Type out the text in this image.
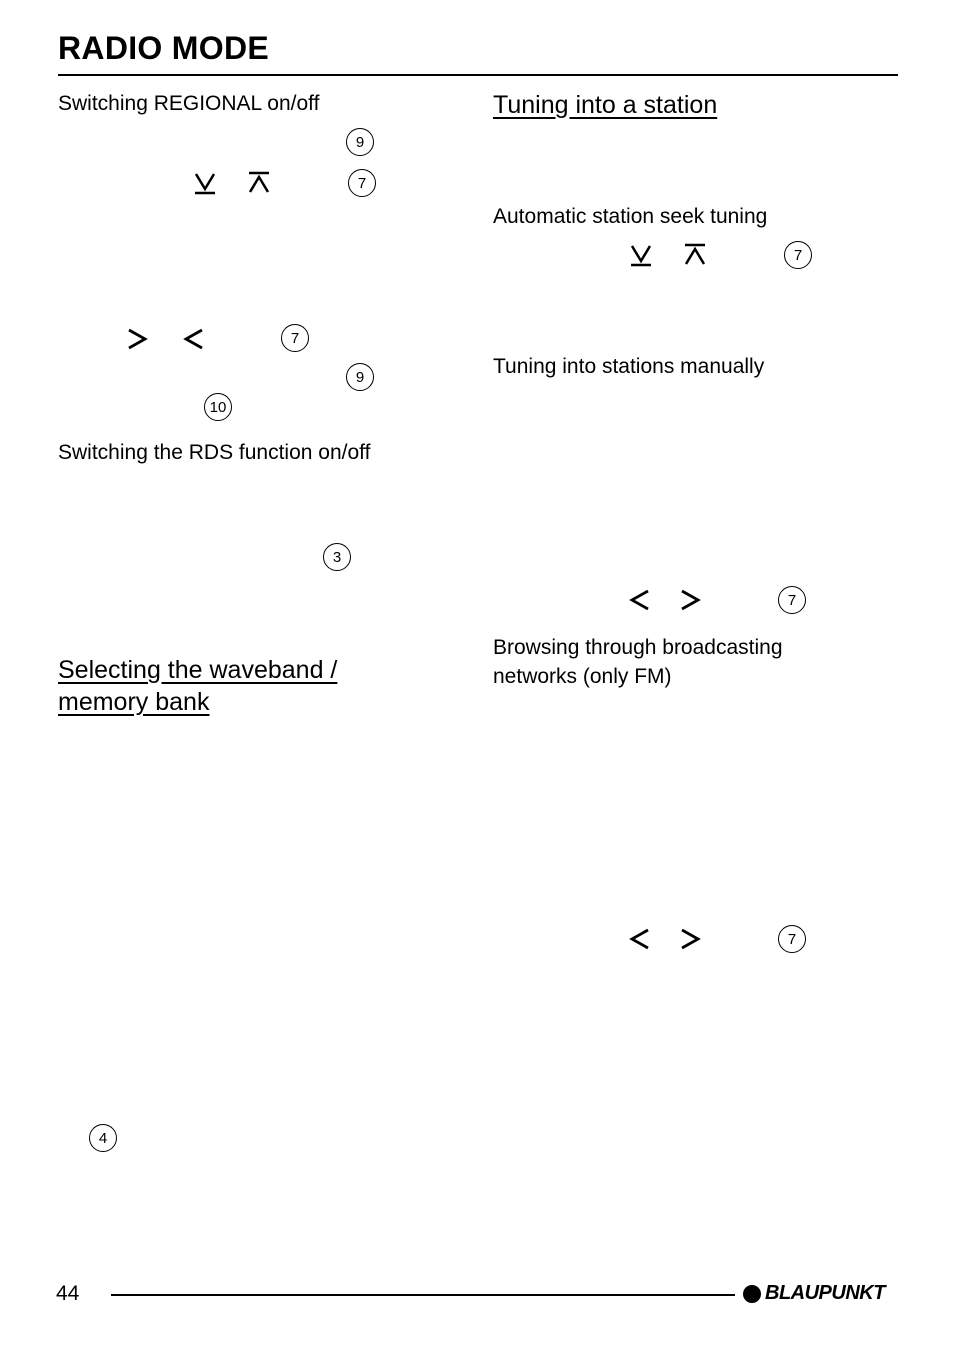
RADIO MODE
Switching REGIONAL on/off
9
7
7
9
10
Switching the RDS function on/off
3
Selecting the waveband /
memory bank
4
Tuning into a station
Automatic station seek tuning
7
Tuning into stations manually
7
Browsing through broadcasting
networks (only FM)
7
44	BLAUPUNKT
